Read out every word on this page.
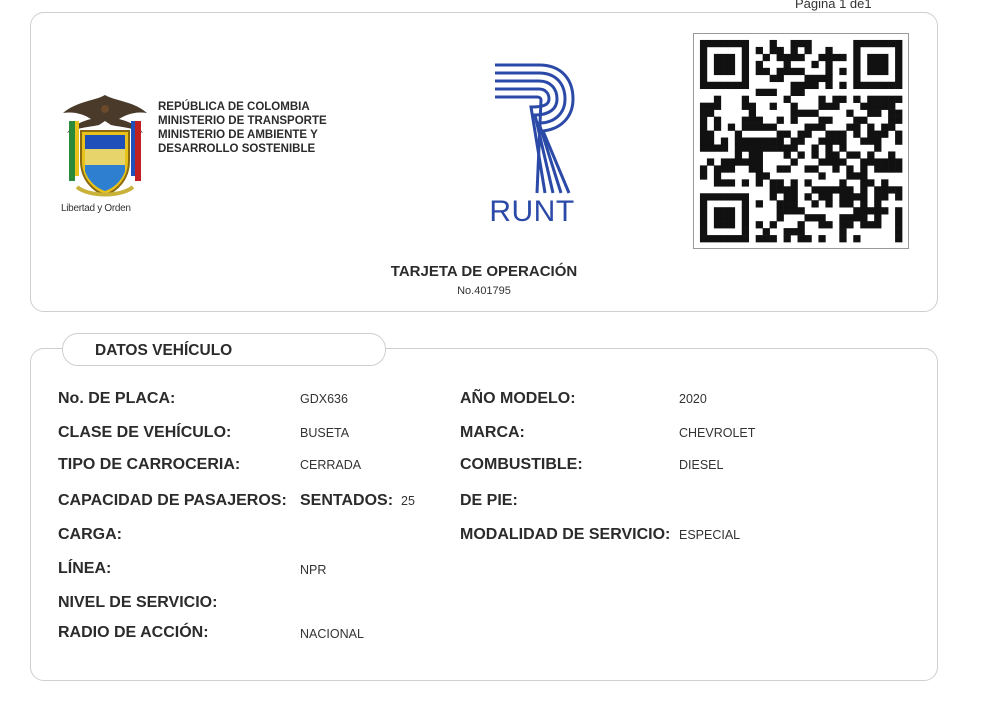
Página 1 de1
Libertad y Orden
REPÚBLICA DE COLOMBIA
MINISTERIO DE TRANSPORTE
MINISTERIO DE AMBIENTE Y
DESARROLLO SOSTENIBLE
RUNT
TARJETA DE OPERACIÓN
No.401795
DATOS VEHÍCULO
No. DE PLACA:	GDX636
CLASE DE VEHÍCULO:	BUSETA
TIPO DE CARROCERIA:	CERRADA
CAPACIDAD DE PASAJEROS: SENTADOS: 25
CARGA:
LÍNEA:	NPR
NIVEL DE SERVICIO:
RADIO DE ACCIÓN:	NACIONAL
AÑO MODELO:	2020
MARCA:	CHEVROLET
COMBUSTIBLE:	DIESEL
DE PIE:
MODALIDAD DE SERVICIO: ESPECIAL
